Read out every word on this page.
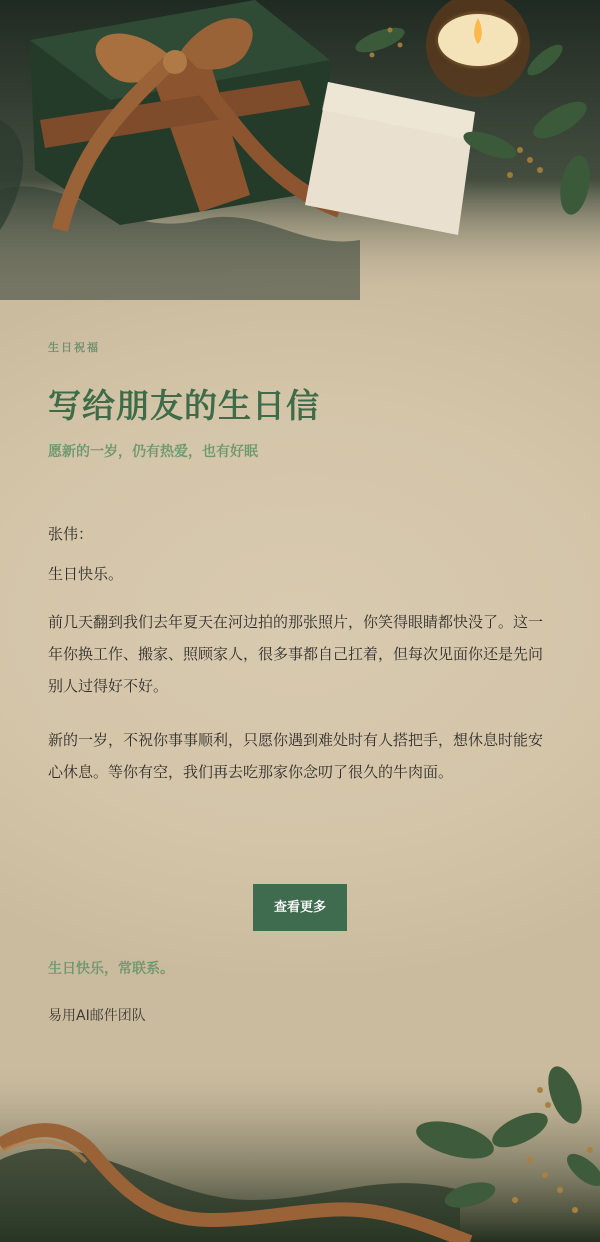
生日祝福

写给朋友的生日信

愿新的一岁，仍有热爱，也有好眠

张伟：

生日快乐。

前几天翻到我们去年夏天在河边拍的那张照片，你笑得眼睛都快没了。这一年你换工作、搬家、照顾家人，很多事都自己扛着，但每次见面你还是先问别人过得好不好。

新的一岁，不祝你事事顺利，只愿你遇到难处时有人搭把手，想休息时能安心休息。等你有空，我们再去吃那家你念叨了很久的牛肉面。

查看更多
生日快乐，常联系。
易用AI邮件团队
